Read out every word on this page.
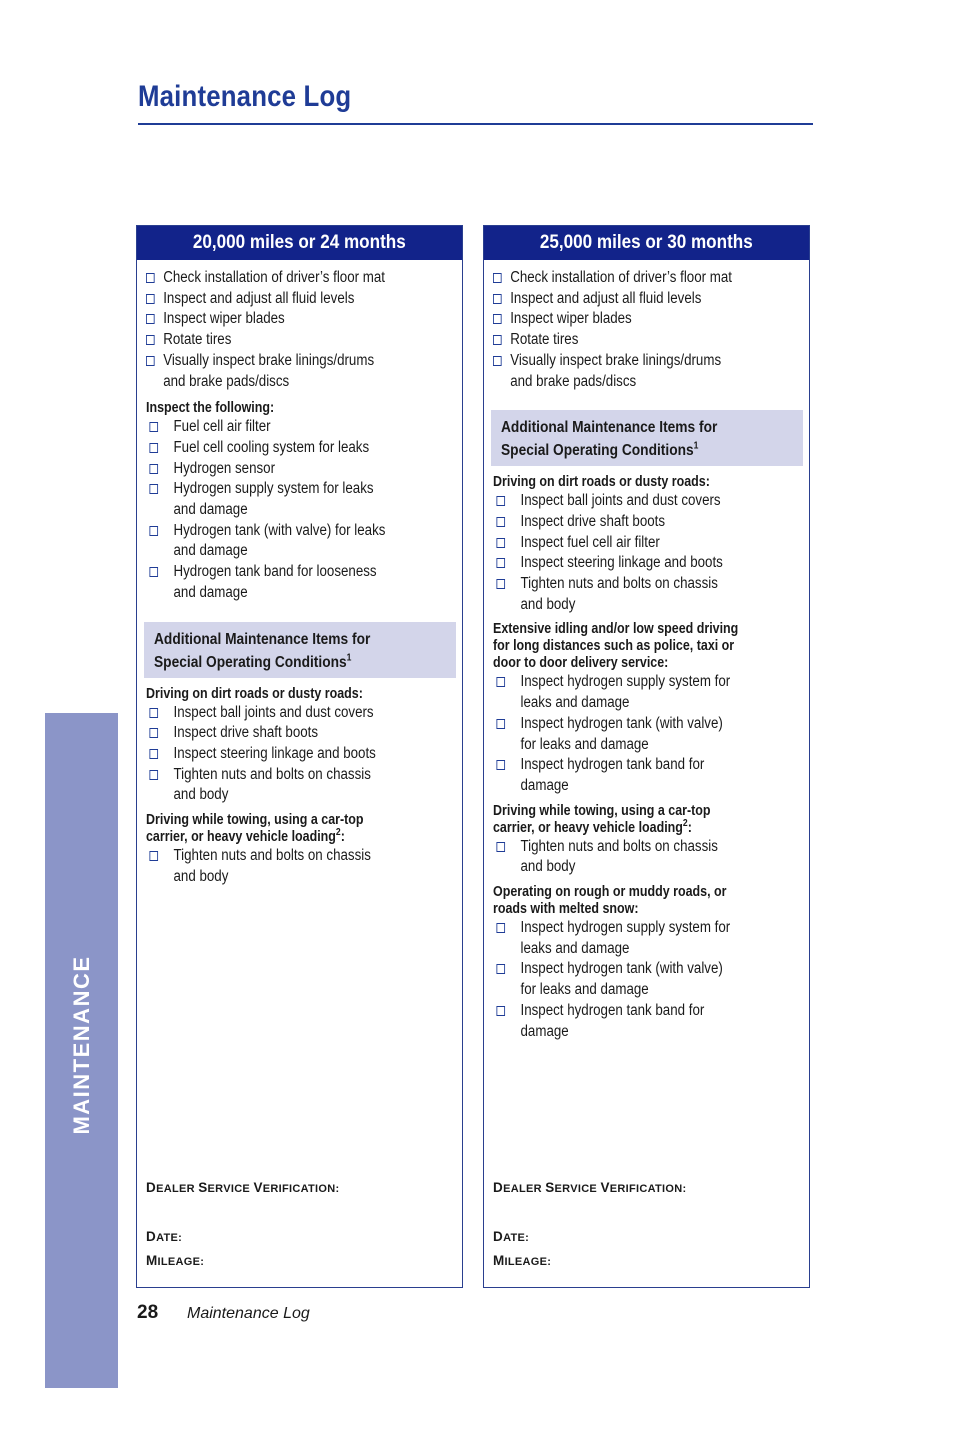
Maintenance Log
MAINTENANCE
20,000 miles or 24 months
Check installation of driver’s floor mat
Inspect and adjust all fluid levels
Inspect wiper blades
Rotate tires
Visually inspect brake linings/drums
and brake pads/discs
Inspect the following:
Fuel cell air filter
Fuel cell cooling system for leaks
Hydrogen sensor
Hydrogen supply system for leaks
and damage
Hydrogen tank (with valve) for leaks
and damage
Hydrogen tank band for looseness
and damage
Additional Maintenance Items for
Special Operating Conditions$^1$
Driving on dirt roads or dusty roads:
Inspect ball joints and dust covers
Inspect drive shaft boots
Inspect steering linkage and boots
Tighten nuts and bolts on chassis
and body
Driving while towing, using a car-top
carrier, or heavy vehicle loading$^2$:
Tighten nuts and bolts on chassis
and body
DEALER SERVICE VERIFICATION:
DATE:
MILEAGE:
25,000 miles or 30 months
Check installation of driver’s floor mat
Inspect and adjust all fluid levels
Inspect wiper blades
Rotate tires
Visually inspect brake linings/drums
and brake pads/discs
Additional Maintenance Items for
Special Operating Conditions$^1$
Driving on dirt roads or dusty roads:
Inspect ball joints and dust covers
Inspect drive shaft boots
Inspect fuel cell air filter
Inspect steering linkage and boots
Tighten nuts and bolts on chassis
and body
Extensive idling and/or low speed driving
for long distances such as police, taxi or
door to door delivery service:
Inspect hydrogen supply system for
leaks and damage
Inspect hydrogen tank (with valve)
for leaks and damage
Inspect hydrogen tank band for
damage
Driving while towing, using a car-top
carrier, or heavy vehicle loading$^2$:
Tighten nuts and bolts on chassis
and body
Operating on rough or muddy roads, or
roads with melted snow:
Inspect hydrogen supply system for
leaks and damage
Inspect hydrogen tank (with valve)
for leaks and damage
Inspect hydrogen tank band for
damage
DEALER SERVICE VERIFICATION:
DATE:
MILEAGE:
28 Maintenance Log
